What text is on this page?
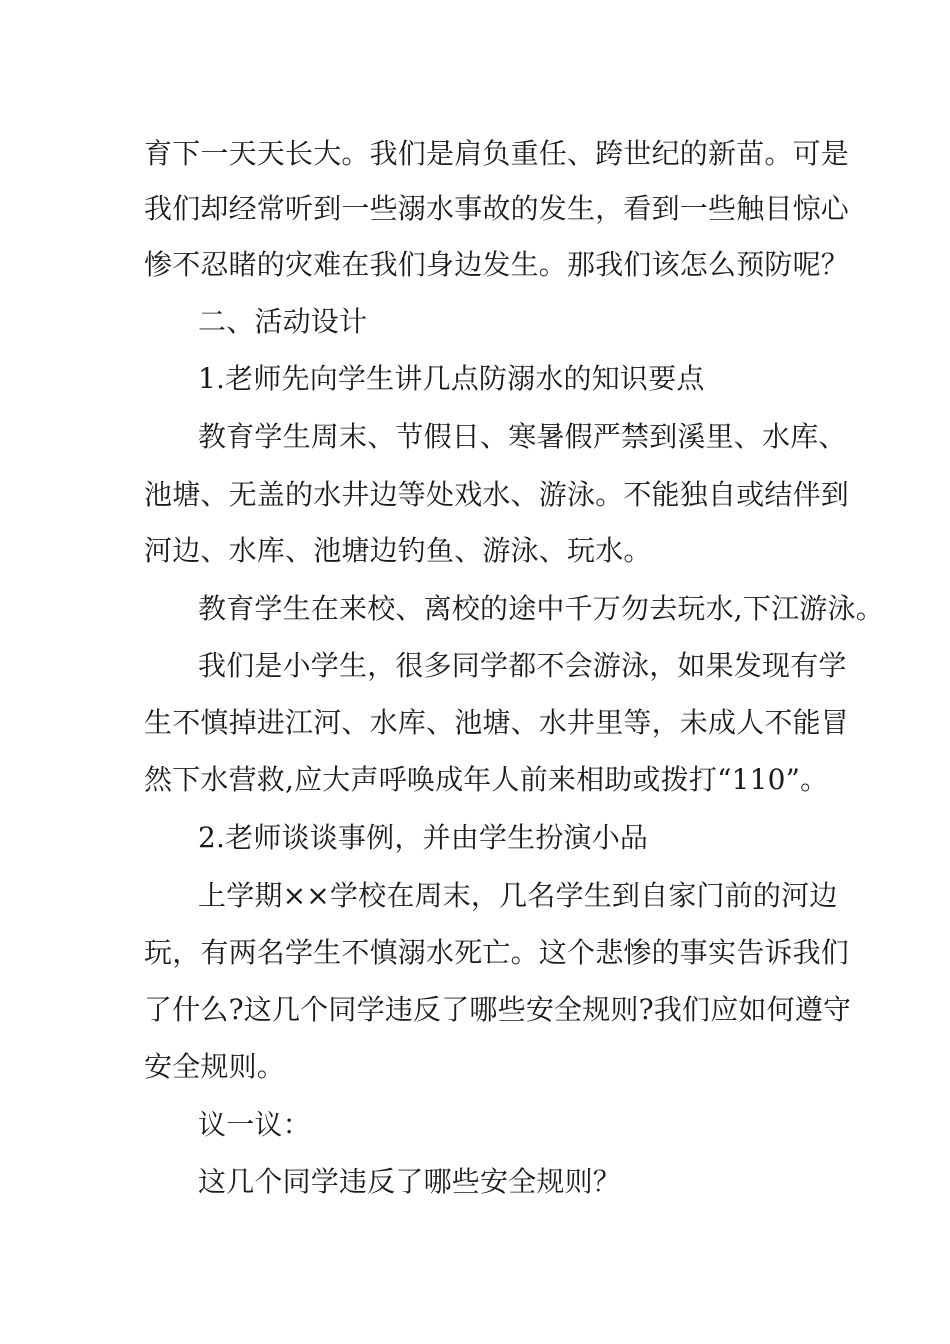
育下一天天长大。我们是肩负重任、跨世纪的新苗。可是
我们却经常听到一些溺水事故的发生，看到一些触目惊心
惨不忍睹的灾难在我们身边发生。那我们该怎么预防呢？
二、活动设计
1.老师先向学生讲几点防溺水的知识要点
教育学生周末、节假日、寒暑假严禁到溪里、水库、
池塘、无盖的水井边等处戏水、游泳。不能独自或结伴到
河边、水库、池塘边钓鱼、游泳、玩水。
教育学生在来校、离校的途中千万勿去玩水,下江游泳。
我们是小学生，很多同学都不会游泳，如果发现有学
生不慎掉进江河、水库、池塘、水井里等，未成人不能冒
然下水营救,应大声呼唤成年人前来相助或拨打“110”。
2.老师谈谈事例，并由学生扮演小品
上学期××学校在周末，几名学生到自家门前的河边
玩，有两名学生不慎溺水死亡。这个悲惨的事实告诉我们
了什么?这几个同学违反了哪些安全规则?我们应如何遵守
安全规则。
议一议：
这几个同学违反了哪些安全规则？
